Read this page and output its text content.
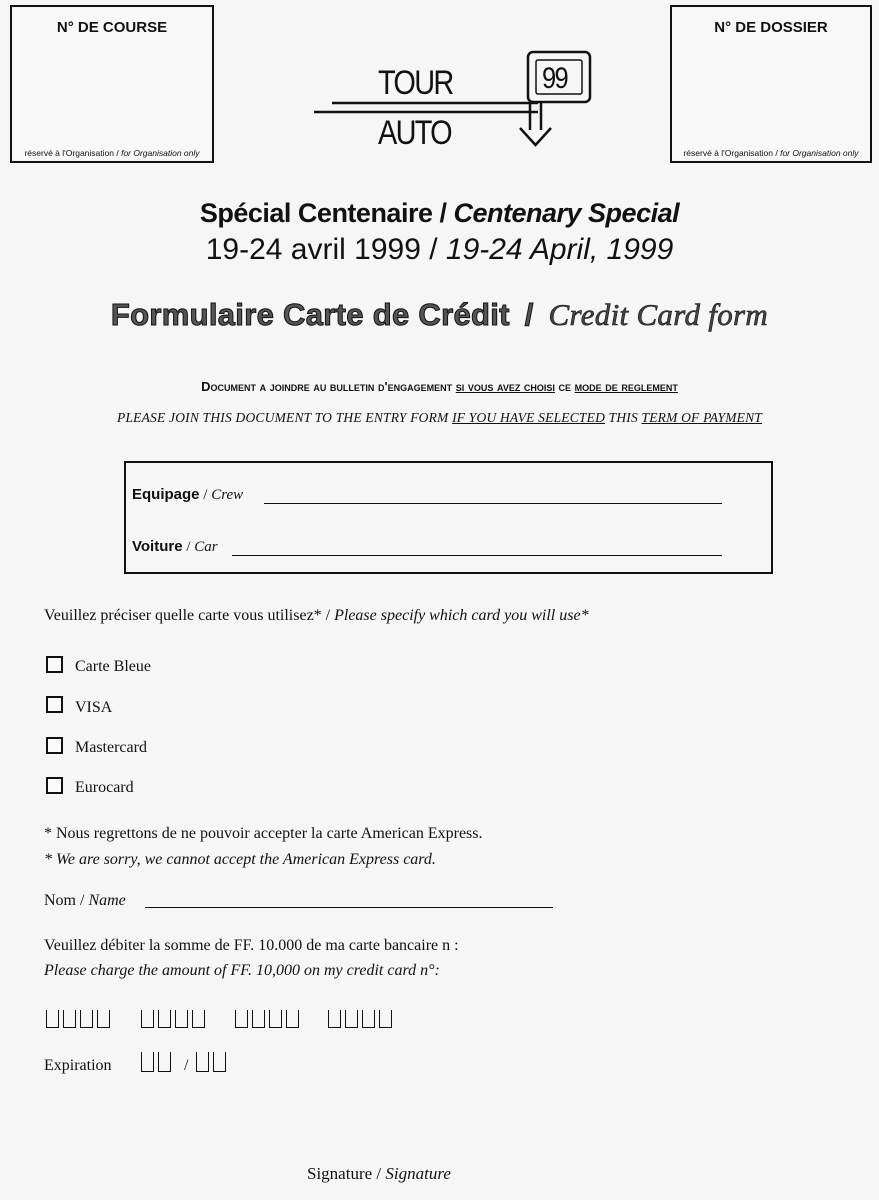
N° DE COURSE
réservé à l'Organisation / for Organisation only
N° DE DOSSIER
réservé à l'Organisation / for Organisation only
TOUR
AUTO
99
Spécial Centenaire / Centenary Special
19-24 avril 1999 / 19-24 April, 1999
Formulaire Carte de Crédit / Credit Card form
Document a joindre au bulletin d'engagement si vous avez choisi ce mode de reglement
PLEASE JOIN THIS DOCUMENT TO THE ENTRY FORM IF YOU HAVE SELECTED THIS TERM OF PAYMENT
Equipage / Crew
Voiture / Car
Veuillez préciser quelle carte vous utilisez* / Please specify which card you will use*
Carte Bleue
VISA
Mastercard
Eurocard
* Nous regrettons de ne pouvoir accepter la carte American Express.
* We are sorry, we cannot accept the American Express card.
Nom / Name
Veuillez débiter la somme de FF. 10.000 de ma carte bancaire n :
Please charge the amount of FF. 10,000 on my credit card n°:
Expiration	/
Signature / Signature
